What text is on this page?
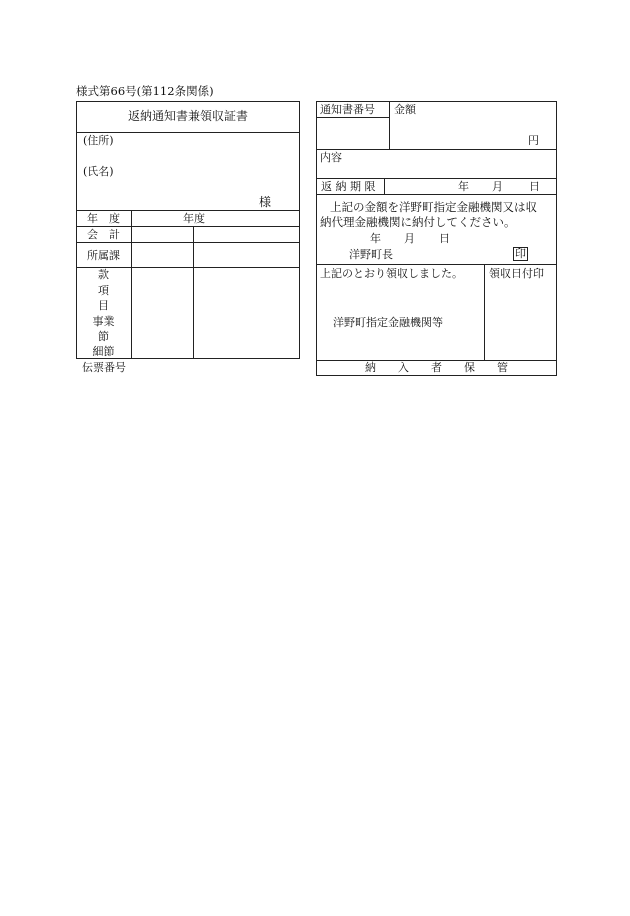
様式第66号(第112条関係)
返納通知書兼領収証書
(住所)
(氏名)
様
年　度	年度
会　計
所属課
款
項
目
事業
節
細節
伝票番号
通知書番号 金額
円
内容
返 納 期 限	年 月 日
上記の金額を洋野町指定金融機関又は収
納代理金融機関に納付してください。
年 月 日
洋野町長	印
上記のとおり領収しました。 領収日付印
洋野町指定金融機関等
納　　入　　者　　保　　管
